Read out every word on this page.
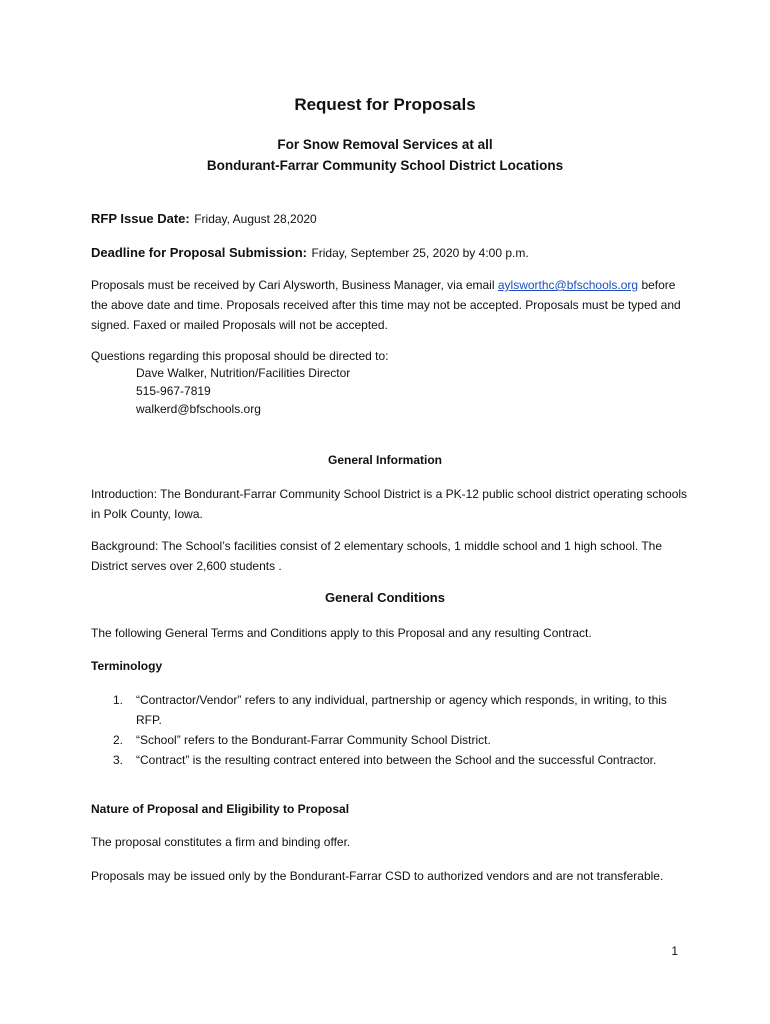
Request for Proposals
For Snow Removal Services at all
Bondurant-Farrar Community School District Locations
RFP Issue Date: Friday, August 28,2020
Deadline for Proposal Submission: Friday, September 25, 2020 by 4:00 p.m.
Proposals must be received by Cari Alysworth, Business Manager, via email aylsworthc@bfschools.org before the above date and time. Proposals received after this time may not be accepted. Proposals must be typed and signed. Faxed or mailed Proposals will not be accepted.
Questions regarding this proposal should be directed to:
Dave Walker, Nutrition/Facilities Director
515-967-7819
walkerd@bfschools.org
General Information
Introduction: The Bondurant-Farrar Community School District is a PK-12 public school district operating schools in Polk County, Iowa.
Background: The School’s facilities consist of 2 elementary schools, 1 middle school and 1 high school. The District serves over 2,600 students .
General Conditions
The following General Terms and Conditions apply to this Proposal and any resulting Contract.
Terminology

1. “Contractor/Vendor” refers to any individual, partnership or agency which responds, in writing, to this RFP.

2. “School” refers to the Bondurant-Farrar Community School District.

3. “Contract” is the resulting contract entered into between the School and the successful Contractor.

Nature of Proposal and Eligibility to Proposal
The proposal constitutes a firm and binding offer.
Proposals may be issued only by the Bondurant-Farrar CSD to authorized vendors and are not transferable.
1
